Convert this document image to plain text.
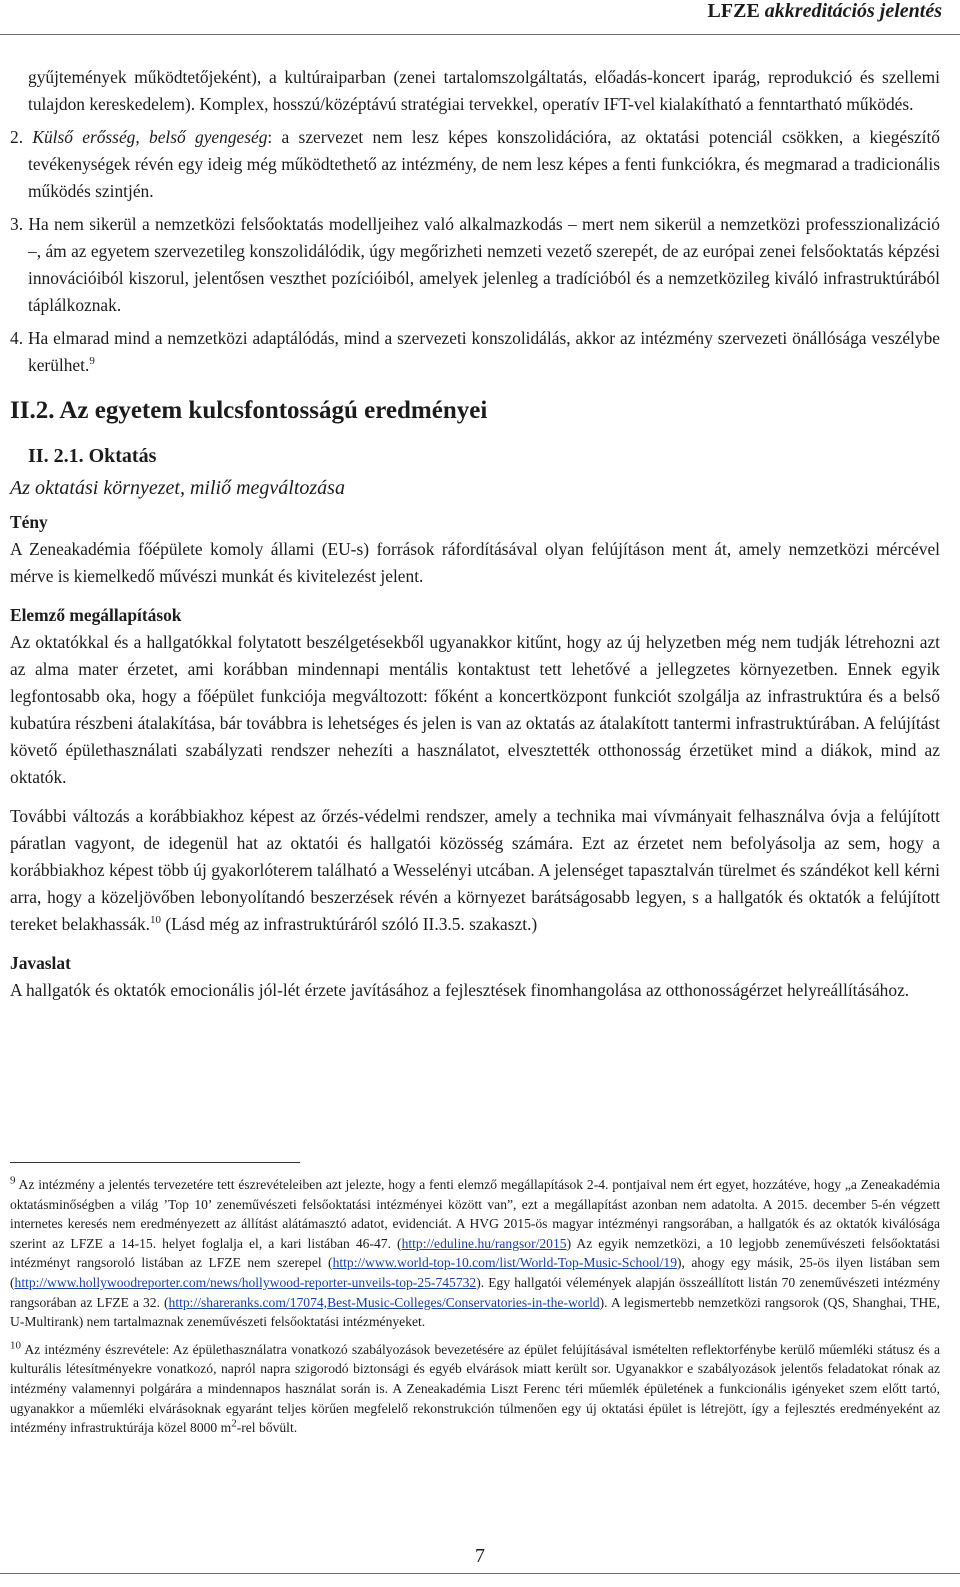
LFZE akkreditációs jelentés

gyűjtemények működtetőjeként), a kultúraiparban (zenei tartalomszolgáltatás, előadás-koncert iparág, reprodukció és szellemi tulajdon kereskedelem). Komplex, hosszú/középtávú stratégiai tervekkel, operatív IFT-vel kialakítható a fenntartható működés.

2. Külső erősség, belső gyengeség: a szervezet nem lesz képes konszolidációra, az oktatási potenciál csökken, a kiegészítő tevékenységek révén egy ideig még működtethető az intézmény, de nem lesz képes a fenti funkciókra, és megmarad a tradicionális működés szintjén.

3. Ha nem sikerül a nemzetközi felsőoktatás modelljeihez való alkalmazkodás – mert nem sikerül a nemzetközi professzionalizáció –, ám az egyetem szervezetileg konszolidálódik, úgy megőrizheti nemzeti vezető szerepét, de az európai zenei felsőoktatás képzési innovációiból kiszorul, jelentősen veszthet pozícióiból, amelyek jelenleg a tradícióból és a nemzetközileg kiváló infrastruktúrából táplálkoznak.

4. Ha elmarad mind a nemzetközi adaptálódás, mind a szervezeti konszolidálás, akkor az intézmény szervezeti önállósága veszélybe kerülhet.$^9$

II.2. Az egyetem kulcsfontosságú eredményei
II. 2.1. Oktatás

Az oktatási környezet, miliő megváltozása

Tény

A Zeneakadémia főépülete komoly állami (EU-s) források ráfordításával olyan felújításon ment át, amely nemzetközi mércével mérve is kiemelkedő művészi munkát és kivitelezést jelent.

Elemző megállapítások

Az oktatókkal és a hallgatókkal folytatott beszélgetésekből ugyanakkor kitűnt, hogy az új helyzetben még nem tudják létrehozni azt az alma mater érzetet, ami korábban mindennapi mentális kontaktust tett lehetővé a jellegzetes környezetben. Ennek egyik legfontosabb oka, hogy a főépület funkciója megváltozott: főként a koncertközpont funkciót szolgálja az infrastruktúra és a belső kubatúra részbeni átalakítása, bár továbbra is lehetséges és jelen is van az oktatás az átalakított tantermi infrastruktúrában. A felújítást követő épülethasználati szabályzati rendszer nehezíti a használatot, elvesztették otthonosság érzetüket mind a diákok, mind az oktatók.

További változás a korábbiakhoz képest az őrzés-védelmi rendszer, amely a technika mai vívmányait felhasználva óvja a felújított páratlan vagyont, de idegenül hat az oktatói és hallgatói közösség számára. Ezt az érzetet nem befolyásolja az sem, hogy a korábbiakhoz képest több új gyakorlóterem található a Wesselényi utcában. A jelenséget tapasztalván türelmet és szándékot kell kérni arra, hogy a közeljövőben lebonyolítandó beszerzések révén a környezet barátságosabb legyen, s a hallgatók és oktatók a felújított tereket belakhassák.$^{10}$ (Lásd még az infrastruktúráról szóló II.3.5. szakaszt.)

Javaslat

A hallgatók és oktatók emocionális jól-lét érzete javításához a fejlesztések finomhangolása az otthonosságérzet helyreállításához.

$^9$ Az intézmény a jelentés tervezetére tett észrevételeiben azt jelezte, hogy a fenti elemző megállapítások 2-4. pontjaival nem ért egyet, hozzátéve, hogy „a Zeneakadémia oktatásminőségben a világ ’Top 10’ zeneművészeti felsőoktatási intézményei között van”, ezt a megállapítást azonban nem adatolta. A 2015. december 5-én végzett internetes keresés nem eredményezett az állítást alátámasztó adatot, evidenciát. A HVG 2015-ös magyar intézményi rangsorában, a hallgatók és az oktatók kiválósága szerint az LFZE a 14-15. helyet foglalja el, a kari listában 46-47. (http://eduline.hu/rangsor/2015) Az egyik nemzetközi, a 10 legjobb zeneművészeti felsőoktatási intézményt rangsoroló listában az LFZE nem szerepel (http://www.world-top-10.com/list/World-Top-Music-School/19), ahogy egy másik, 25-ös ilyen listában sem (http://www.hollywoodreporter.com/news/hollywood-reporter-unveils-top-25-745732). Egy hallgatói vélemények alapján összeállított listán 70 zeneművészeti intézmény rangsorában az LFZE a 32. (http://shareranks.com/17074,Best-Music-Colleges/Conservatories-in-the-world). A legismertebb nemzetközi rangsorok (QS, Shanghai, THE, U-Multirank) nem tartalmaznak zeneművészeti felsőoktatási intézményeket.

$^{10}$ Az intézmény észrevétele: Az épülethasználatra vonatkozó szabályozások bevezetésére az épület felújításával ismételten reflektorfénybe kerülő műemléki státusz és a kulturális létesítményekre vonatkozó, napról napra szigorodó biztonsági és egyéb elvárások miatt került sor. Ugyanakkor e szabályozások jelentős feladatokat rónak az intézmény valamennyi polgárára a mindennapos használat során is. A Zeneakadémia Liszt Ferenc téri műemlék épületének a funkcionális igényeket szem előtt tartó, ugyanakkor a műemléki elvárásoknak egyaránt teljes körűen megfelelő rekonstrukción túlmenően egy új oktatási épület is létrejött, így a fejlesztés eredményeként az intézmény infrastruktúrája közel 8000 $m^2$-rel bővült.

7
